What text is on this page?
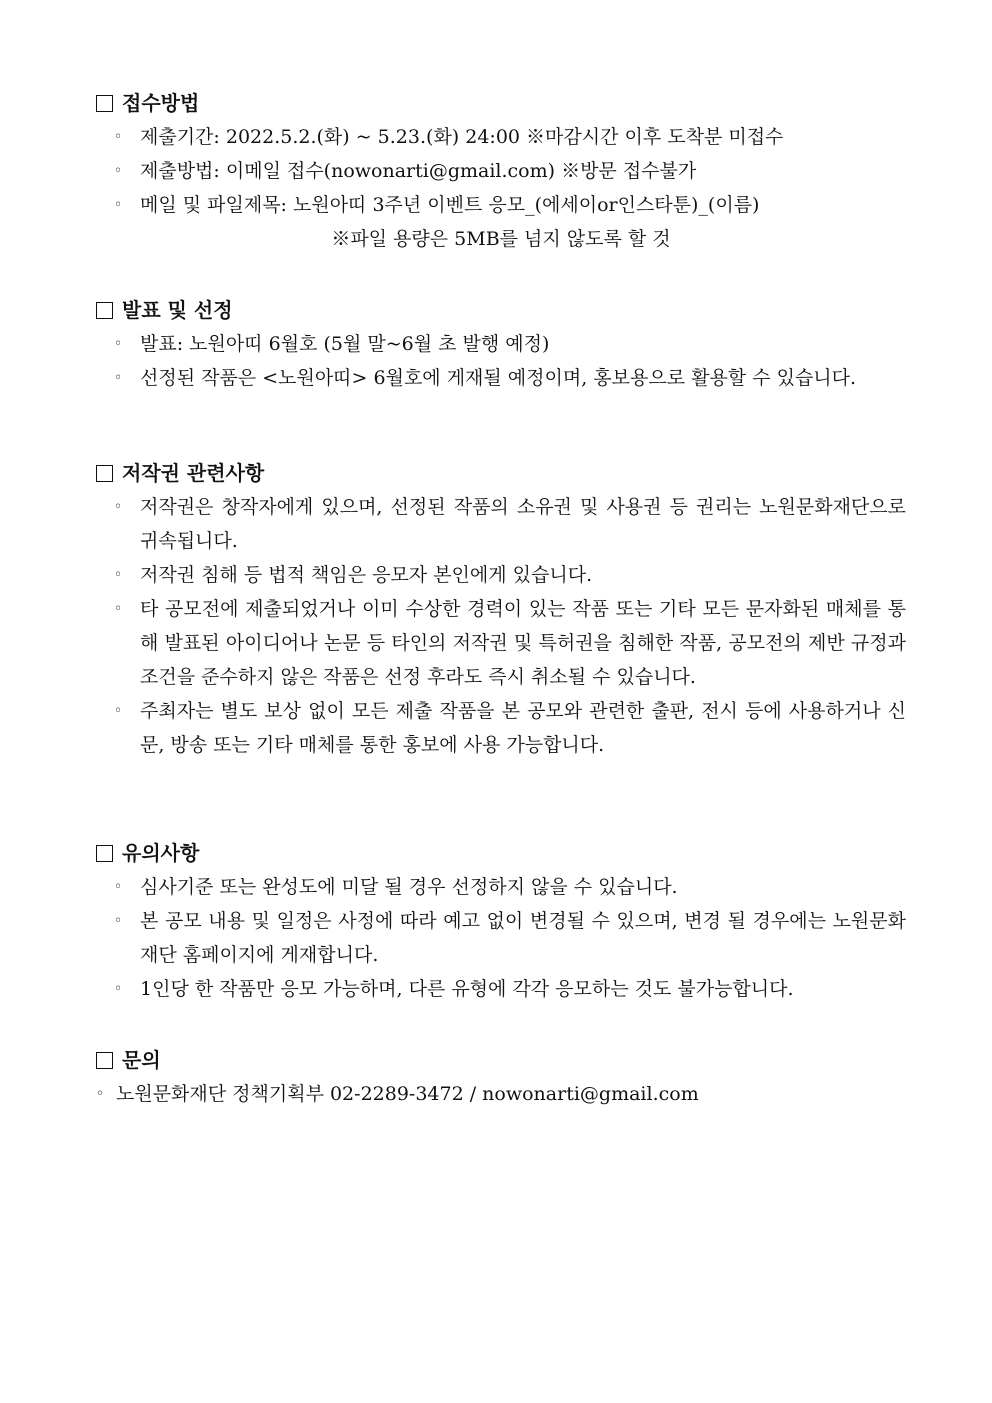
접수방법
◦ 제출기간: 2022.5.2.(화) ~ 5.23.(화) 24:00 ※마감시간 이후 도착분 미접수
◦ 제출방법: 이메일 접수(nowonarti@gmail.com) ※방문 접수불가
◦ 메일 및 파일제목: 노원아띠 3주년 이벤트 응모_(에세이or인스타툰)_(이름)
※파일 용량은 5MB를 넘지 않도록 할 것
발표 및 선정
◦ 발표: 노원아띠 6월호 (5월 말~6월 초 발행 예정)
◦ 선정된 작품은 <노원아띠> 6월호에 게재될 예정이며, 홍보용으로 활용할 수 있습니다.
저작권 관련사항
◦ 저작권은 창작자에게 있으며, 선정된 작품의 소유권 및 사용권 등 권리는 노원문화재단으로 귀속됩니다.
◦ 저작권 침해 등 법적 책임은 응모자 본인에게 있습니다.
◦ 타 공모전에 제출되었거나 이미 수상한 경력이 있는 작품 또는 기타 모든 문자화된 매체를 통해 발표된 아이디어나 논문 등 타인의 저작권 및 특허권을 침해한 작품, 공모전의 제반 규정과 조건을 준수하지 않은 작품은 선정 후라도 즉시 취소될 수 있습니다.
◦ 주최자는 별도 보상 없이 모든 제출 작품을 본 공모와 관련한 출판, 전시 등에 사용하거나 신문, 방송 또는 기타 매체를 통한 홍보에 사용 가능합니다.
유의사항
◦ 심사기준 또는 완성도에 미달 될 경우 선정하지 않을 수 있습니다.
◦ 본 공모 내용 및 일정은 사정에 따라 예고 없이 변경될 수 있으며, 변경 될 경우에는 노원문화재단 홈페이지에 게재합니다.
◦ 1인당 한 작품만 응모 가능하며, 다른 유형에 각각 응모하는 것도 불가능합니다.
문의
◦ 노원문화재단 정책기획부 02-2289-3472 / nowonarti@gmail.com
